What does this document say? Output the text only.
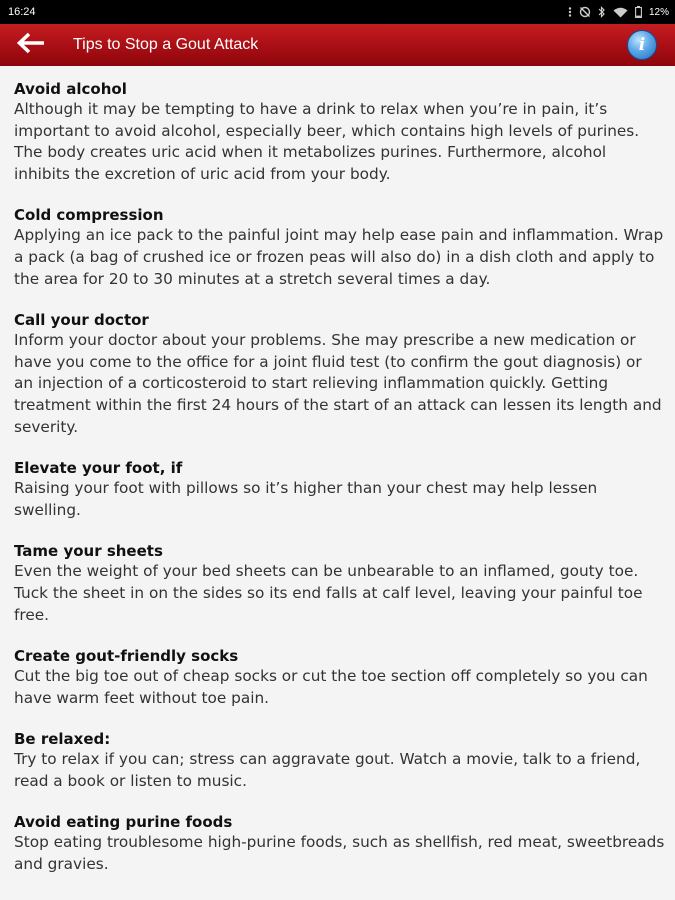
16:24	12%
Tips to Stop a Gout Attack	i
Avoid alcohol
Although it may be tempting to have a drink to relax when you’re in pain, it’s important to avoid alcohol, especially beer, which contains high levels of purines. The body creates uric acid when it metabolizes purines. Furthermore, alcohol inhibits the excretion of uric acid from your body.
Cold compression
Applying an ice pack to the painful joint may help ease pain and inflammation. Wrap a pack (a bag of crushed ice or frozen peas will also do) in a dish cloth and apply to the area for 20 to 30 minutes at a stretch several times a day.
Call your doctor
Inform your doctor about your problems. She may prescribe a new medication or have you come to the office for a joint fluid test (to confirm the gout diagnosis) or an injection of a corticosteroid to start relieving inflammation quickly. Getting treatment within the first 24 hours of the start of an attack can lessen its length and severity.
Elevate your foot, if
Raising your foot with pillows so it’s higher than your chest may help lessen swelling.
Tame your sheets
Even the weight of your bed sheets can be unbearable to an inflamed, gouty toe. Tuck the sheet in on the sides so its end falls at calf level, leaving your painful toe free.
Create gout-friendly socks
Cut the big toe out of cheap socks or cut the toe section off completely so you can have warm feet without toe pain.
Be relaxed:
Try to relax if you can; stress can aggravate gout. Watch a movie, talk to a friend, read a book or listen to music.
Avoid eating purine foods
Stop eating troublesome high-purine foods, such as shellfish, red meat, sweetbreads and gravies.
